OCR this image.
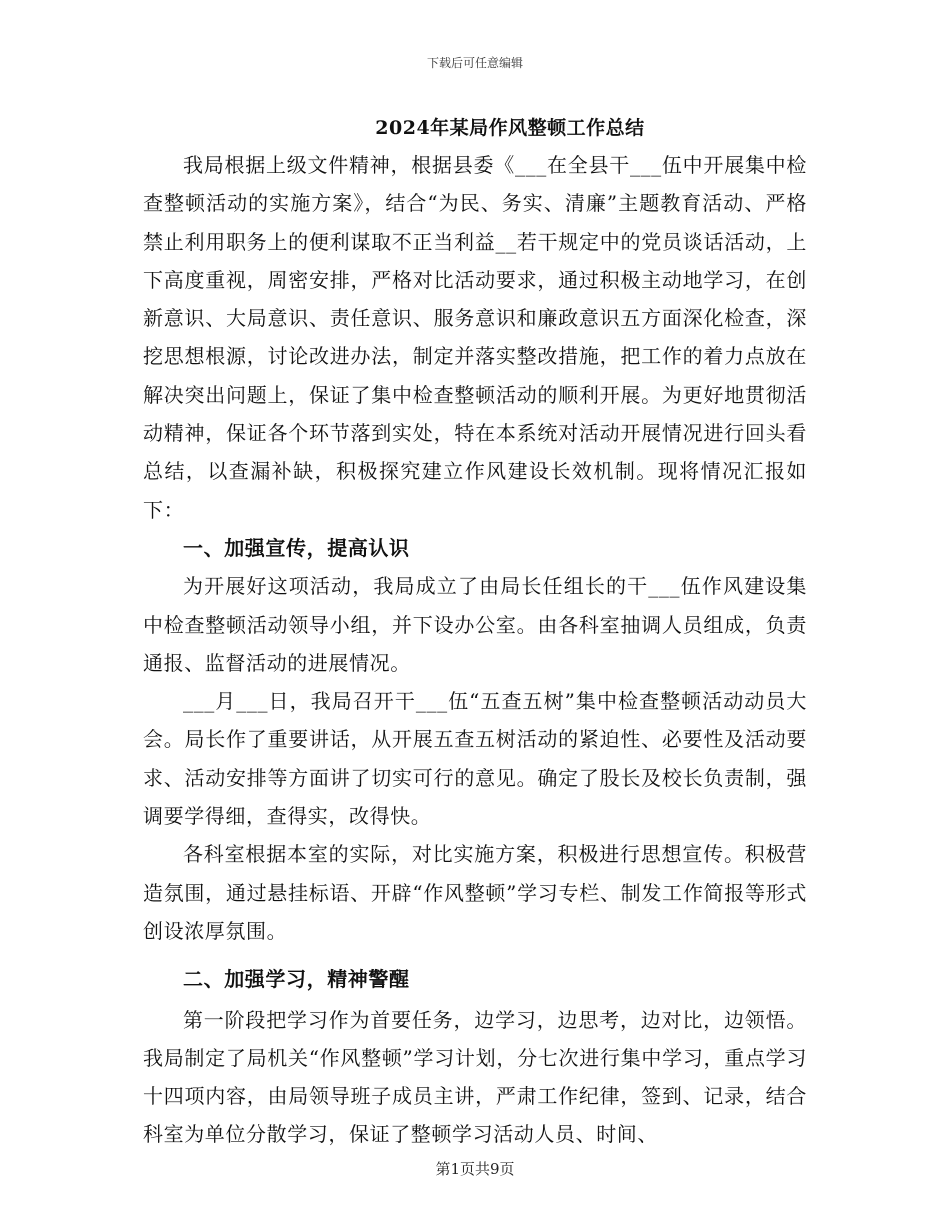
下载后可任意编辑
2024年某局作风整顿工作总结

我局根据上级文件精神，根据县委《___在全县干___伍中开展集中检查整顿活动的实施方案》，结合“为民、务实、清廉”主题教育活动、严格禁止利用职务上的便利谋取不正当利益__若干规定中的党员谈话活动，上下高度重视，周密安排，严格对比活动要求，通过积极主动地学习，在创新意识、大局意识、责任意识、服务意识和廉政意识五方面深化检查，深挖思想根源，讨论改进办法，制定并落实整改措施，把工作的着力点放在解决突出问题上，保证了集中检查整顿活动的顺利开展。为更好地贯彻活动精神，保证各个环节落到实处，特在本系统对活动开展情况进行回头看总结，以查漏补缺，积极探究建立作风建设长效机制。现将情况汇报如下：

一、加强宣传，提高认识

为开展好这项活动，我局成立了由局长任组长的干___伍作风建设集中检查整顿活动领导小组，并下设办公室。由各科室抽调人员组成，负责通报、监督活动的进展情况。

___月___日，我局召开干___伍“五查五树”集中检查整顿活动动员大会。局长作了重要讲话，从开展五查五树活动的紧迫性、必要性及活动要求、活动安排等方面讲了切实可行的意见。确定了股长及校长负责制，强调要学得细，查得实，改得快。

各科室根据本室的实际，对比实施方案，积极进行思想宣传。积极营造氛围，通过悬挂标语、开辟“作风整顿”学习专栏、制发工作简报等形式创设浓厚氛围。

二、加强学习，精神警醒

第一阶段把学习作为首要任务，边学习，边思考，边对比，边领悟。我局制定了局机关“作风整顿”学习计划，分七次进行集中学习，重点学习十四项内容，由局领导班子成员主讲，严肃工作纪律，签到、记录，结合科室为单位分散学习，保证了整顿学习活动人员、时间、

第1页共9页
